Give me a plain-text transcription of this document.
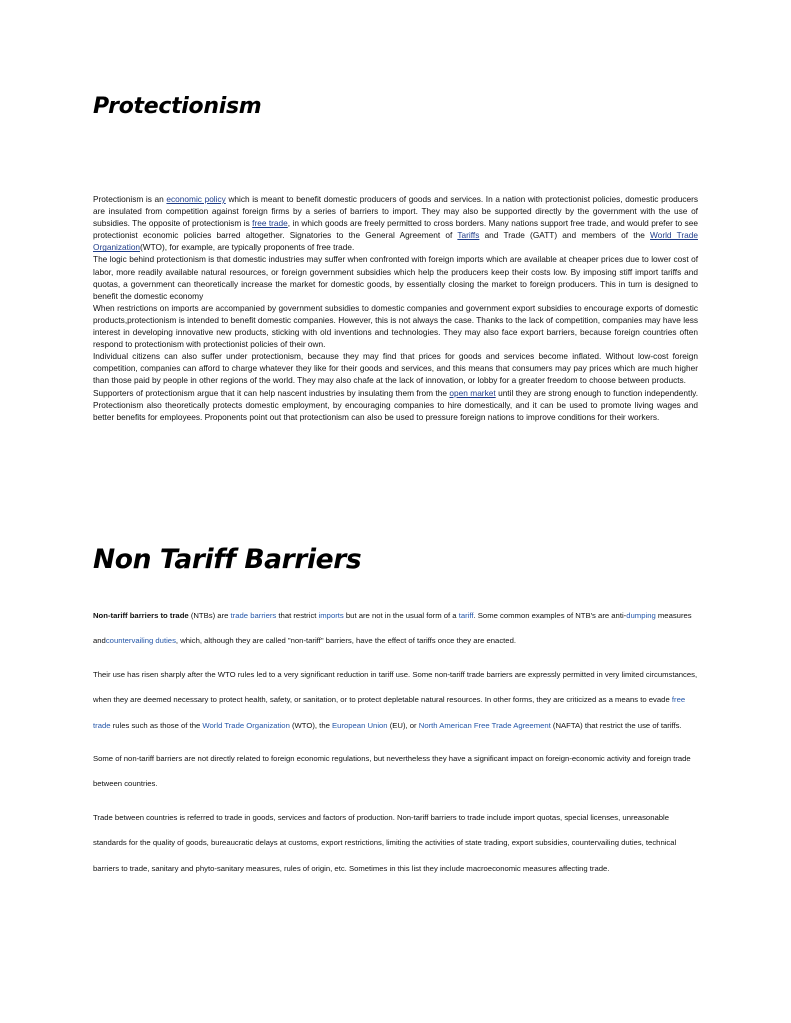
Protectionism

Protectionism is an economic policy which is meant to benefit domestic producers of goods and services. In a nation with protectionist policies, domestic producers are insulated from competition against foreign firms by a series of barriers to import. They may also be supported directly by the government with the use of subsidies. The opposite of protectionism is free trade, in which goods are freely permitted to cross borders. Many nations support free trade, and would prefer to see protectionist economic policies barred altogether. Signatories to the General Agreement of Tariffs and Trade (GATT) and members of the World Trade Organization(WTO), for example, are typically proponents of free trade.

The logic behind protectionism is that domestic industries may suffer when confronted with foreign imports which are available at cheaper prices due to lower cost of labor, more readily available natural resources, or foreign government subsidies which help the producers keep their costs low. By imposing stiff import tariffs and quotas, a government can theoretically increase the market for domestic goods, by essentially closing the market to foreign producers. This in turn is designed to benefit the domestic economy

When restrictions on imports are accompanied by government subsidies to domestic companies and government export subsidies to encourage exports of domestic products,protectionism is intended to benefit domestic companies. However, this is not always the case. Thanks to the lack of competition, companies may have less interest in developing innovative new products, sticking with old inventions and technologies. They may also face export barriers, because foreign countries often respond to protectionism with protectionist policies of their own.

Individual citizens can also suffer under protectionism, because they may find that prices for goods and services become inflated. Without low-cost foreign competition, companies can afford to charge whatever they like for their goods and services, and this means that consumers may pay prices which are much higher than those paid by people in other regions of the world. They may also chafe at the lack of innovation, or lobby for a greater freedom to choose between products.

Supporters of protectionism argue that it can help nascent industries by insulating them from the open market until they are strong enough to function independently. Protectionism also theoretically protects domestic employment, by encouraging companies to hire domestically, and it can be used to promote living wages and better benefits for employees. Proponents point out that protectionism can also be used to pressure foreign nations to improve conditions for their workers.

Non Tariff Barriers

Non-tariff barriers to trade (NTBs) are trade barriers that restrict imports but are not in the usual form of a tariff. Some common examples of NTB's are anti-dumping measures andcountervailing duties, which, although they are called "non-tariff" barriers, have the effect of tariffs once they are enacted.

Their use has risen sharply after the WTO rules led to a very significant reduction in tariff use. Some non-tariff trade barriers are expressly permitted in very limited circumstances, when they are deemed necessary to protect health, safety, or sanitation, or to protect depletable natural resources. In other forms, they are criticized as a means to evade free trade rules such as those of the World Trade Organization (WTO), the European Union (EU), or North American Free Trade Agreement (NAFTA) that restrict the use of tariffs.

Some of non-tariff barriers are not directly related to foreign economic regulations, but nevertheless they have a significant impact on foreign-economic activity and foreign trade between countries.

Trade between countries is referred to trade in goods, services and factors of production. Non-tariff barriers to trade include import quotas, special licenses, unreasonable standards for the quality of goods, bureaucratic delays at customs, export restrictions, limiting the activities of state trading, export subsidies, countervailing duties, technical barriers to trade, sanitary and phyto-sanitary measures, rules of origin, etc. Sometimes in this list they include macroeconomic measures affecting trade.
